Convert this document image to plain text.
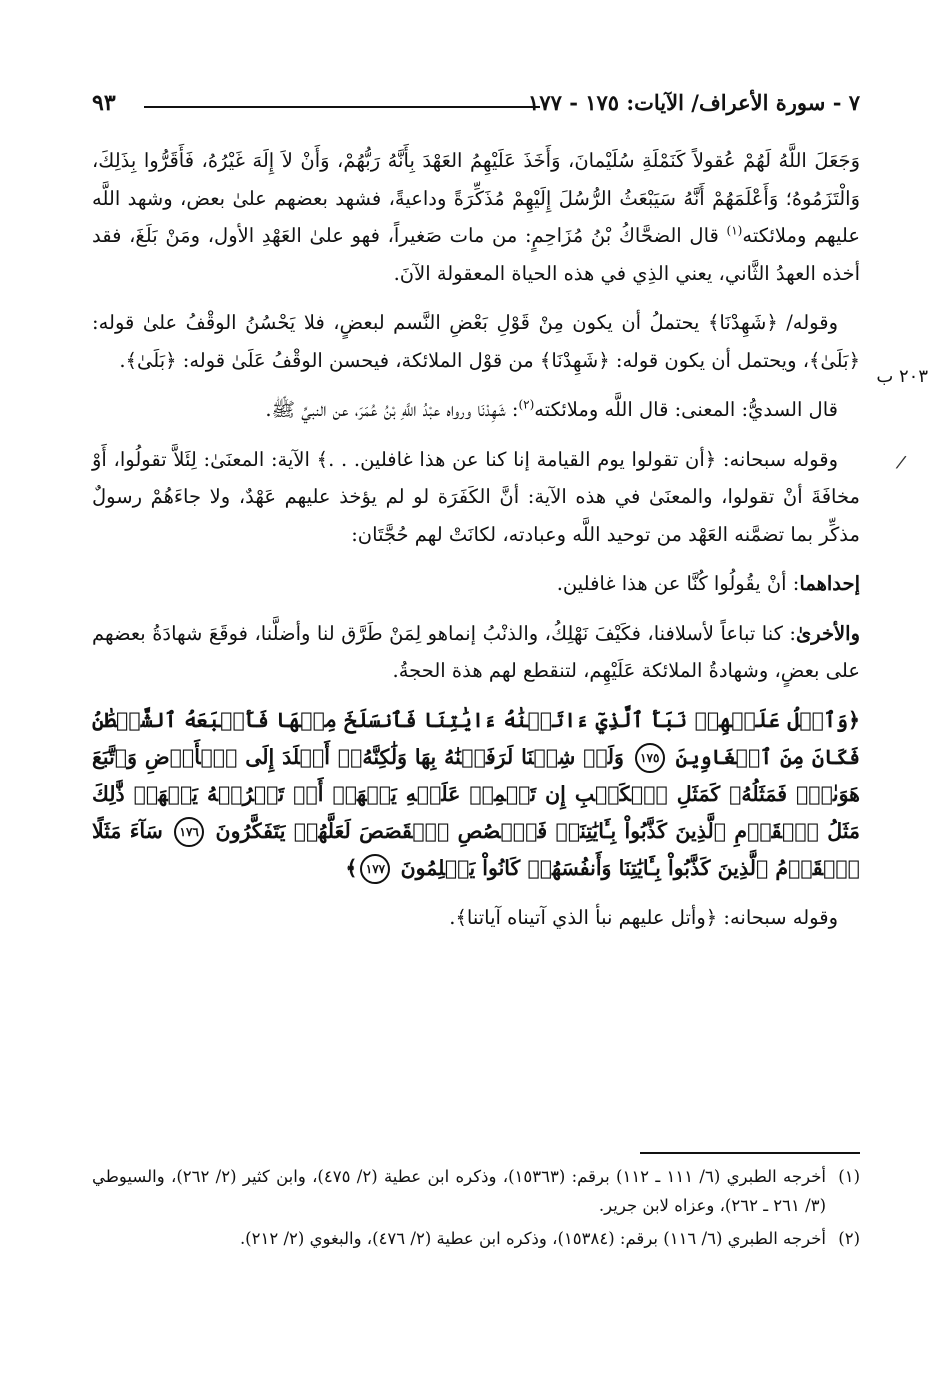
٩٣	٧ - سورة الأعراف/ الآيات: ١٧٥ - ١٧٧
٢٠٣ ب
/

وَجَعَلَ اللَّهُ لَهُمْ عُقولاً كَنَمْلَةِ سُلَيْمانَ، وَأَخَذَ عَلَيْهِمُ العَهْدَ بِأَنَّهُ رَبُّهُمْ، وَأَنْ لاَ إِلَهَ غَيْرُهُ، فَأَقَرُّوا بِذَلِكَ، وَالْتَزَمُوهُ؛ وَأَعْلَمَهُمْ أَنَّهُ سَيَبْعَثُ الرُّسُلَ إِلَيْهِمْ مُذَكِّرَةً وداعيةً، فشهد بعضهم علىٰ بعض، وشهد اللَّه عليهم وملائكته$^{(١)}$ قال الضحَّاكُ بْنُ مُزَاحِمٍ: من مات صَغيراً، فهو علىٰ العَهْدِ الأول، ومَنْ بَلَغَ، فقد أخذه العهدُ الثَّاني، يعني الذِي في هذه الحياة المعقولة الآنَ.

وقوله/ ﴿شَهِدْنَا﴾ يحتملُ أن يكون مِنْ قَوْلِ بَعْضِ النَّسم لبعضٍ، فلا يَحْسُنُ الوقْفُ علىٰ قوله: ﴿بَلَىٰ﴾، ويحتمل أن يكون قوله: ﴿شَهِدْنَا﴾ من قوْل الملائكة، فيحسن الوقْفُ عَلَىٰ قوله: ﴿بَلَىٰ﴾.

قال السديُّ: المعنى: قال اللَّه وملائكته$^{(٢)}$: شَهِدْنَا ورواه عبْدُ اللَّهِ بْنُ عُمَرَ، عن النبيِّ ﷺ.

وقوله سبحانه: ﴿أن تقولوا يوم القيامة إنا كنا عن هذا غافلين. . .﴾ الآية: المعنَىٰ: لِئَلاَّ تقولُوا، أَوْ مخافَةَ أنْ تقولوا، والمعنَىٰ في هذه الآية: أنَّ الكَفَرَة لو لم يؤخذ عليهم عَهْدٌ، ولا جاءَهُمْ رسولٌ مذكِّر بما تضمَّنه العَهْد من توحيد اللَّه وعبادته، لكانَتْ لهم حُجَّتَان:

إحداهما: أنْ يقُولُوا كُنَّا عن هذا غافلين.

والأخرىٰ: كنا تباعاً لأسلافنا، فكَيْفَ نَهْلِكُ، والذنْبُ إنماهو لِمَنْ طَرَّق لنا وأضلَّنا، فوقَعَ شهادَةُ بعضهم على بعضٍ، وشهادةُ الملائكة عَلَيْهِم، لتنقطع لهم هذة الحجةُ.

﴿وَٱتۡلُ عَلَيۡهِمۡ نَبَأَ ٱلَّذِيٓ ءَاتَيۡنَٰهُ ءَايَٰتِنَا فَٱنسَلَخَ مِنۡهَا فَأَتۡبَعَهُ ٱلشَّيۡطَٰنُ فَكَانَ مِنَ ٱلۡغَاوِينَ ١٧٥ وَلَوۡ شِئۡنَا لَرَفَعۡنَٰهُ بِهَا وَلَٰكِنَّهُۥٓ أَخۡلَدَ إِلَى ٱلۡأَرۡضِ وَٱتَّبَعَ هَوَىٰهُۚ فَمَثَلُهُۥ كَمَثَلِ ٱلۡكَلۡبِ إِن تَحۡمِلۡ عَلَيۡهِ يَلۡهَثۡ أَوۡ تَتۡرُكۡهُ يَلۡهَثۚ ذَّٰلِكَ مَثَلُ ٱلۡقَوۡمِ ٱلَّذِينَ كَذَّبُواْ بِـَٔايَٰتِنَاۚ فَٱقۡصُصِ ٱلۡقَصَصَ لَعَلَّهُمۡ يَتَفَكَّرُونَ ١٧٦ سَآءَ مَثَلًا ٱلۡقَوۡمُ ٱلَّذِينَ كَذَّبُواْ بِـَٔايَٰتِنَا وَأَنفُسَهُمۡ كَانُواْ يَظۡلِمُونَ ١٧٧﴾

وقوله سبحانه: ﴿وأتل عليهم نبأ الذي آتيناه آياتنا﴾.

(١)
أخرجه الطبري (٦/ ١١١ ـ ١١٢) برقم: (١٥٣٦٣)، وذكره ابن عطية (٢/ ٤٧٥)، وابن كثير (٢/ ٢٦٢)، والسيوطي (٣/ ٢٦١ ـ ٢٦٢)، وعزاه لابن جرير.

(٢)
أخرجه الطبري (٦/ ١١٦) برقم: (١٥٣٨٤)، وذكره ابن عطية (٢/ ٤٧٦)، والبغوي (٢/ ٢١٢).
